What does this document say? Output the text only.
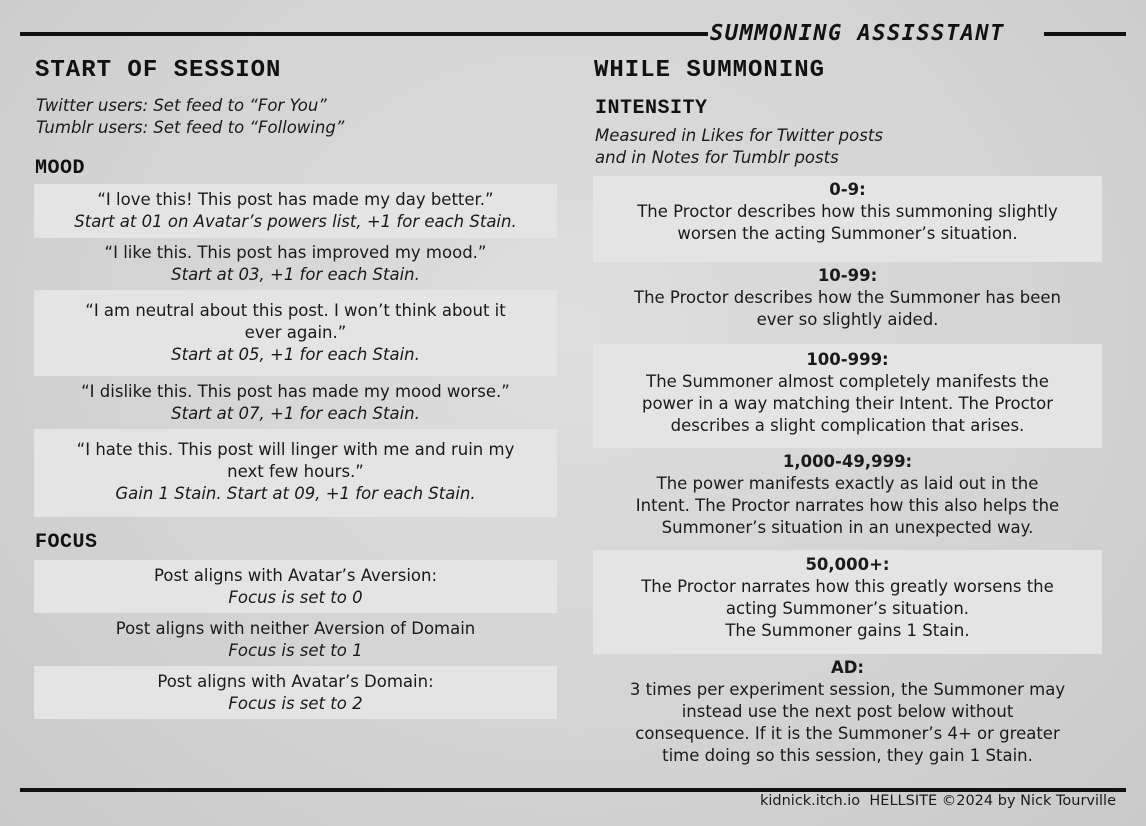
SUMMONING ASSISSTANT
START OF SESSION
Twitter users: Set feed to “For You”
Tumblr users: Set feed to “Following”
MOOD
“I love this! This post has made my day better.”
Start at 01 on Avatar’s powers list, +1 for each Stain.
“I like this. This post has improved my mood.”
Start at 03, +1 for each Stain.
“I am neutral about this post. I won’t think about it
ever again.”
Start at 05, +1 for each Stain.
“I dislike this. This post has made my mood worse.”
Start at 07, +1 for each Stain.
“I hate this. This post will linger with me and ruin my
next few hours.”
Gain 1 Stain. Start at 09, +1 for each Stain.
FOCUS
Post aligns with Avatar’s Aversion:
Focus is set to 0
Post aligns with neither Aversion of Domain
Focus is set to 1
Post aligns with Avatar’s Domain:
Focus is set to 2
WHILE SUMMONING
INTENSITY
Measured in Likes for Twitter posts
and in Notes for Tumblr posts
0-9:
The Proctor describes how this summoning slightly
worsen the acting Summoner’s situation.
10-99:
The Proctor describes how the Summoner has been
ever so slightly aided.
100-999:
The Summoner almost completely manifests the
power in a way matching their Intent. The Proctor
describes a slight complication that arises.
1,000-49,999:
The power manifests exactly as laid out in the
Intent. The Proctor narrates how this also helps the
Summoner’s situation in an unexpected way.
50,000+:
The Proctor narrates how this greatly worsens the
acting Summoner’s situation.
The Summoner gains 1 Stain.
AD:
3 times per experiment session, the Summoner may
instead use the next post below without
consequence. If it is the Summoner’s 4+ or greater
time doing so this session, they gain 1 Stain.
kidnick.itch.io  HELLSITE ©2024 by Nick Tourville
